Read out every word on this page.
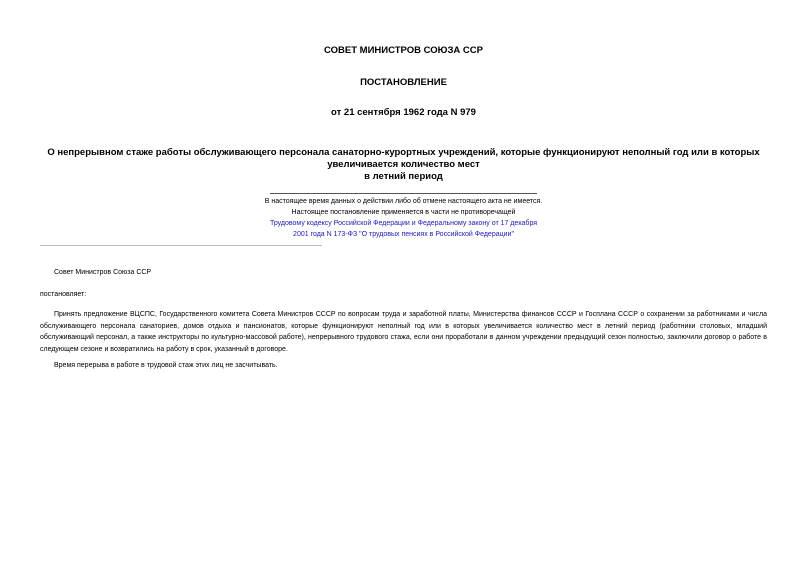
СОВЕТ МИНИСТРОВ СОЮЗА ССР
ПОСТАНОВЛЕНИЕ
от 21 сентября 1962 года N 979
О непрерывном стаже работы обслуживающего персонала санаторно-курортных учреждений, которые функционируют неполный год или в которых
увеличивается количество мест
в летний период
В настоящее время данных о действии либо об отмене настоящего акта не имеется.
Настоящее постановление применяется в части не противоречащей
Трудовому кодексу Российской Федерации и Федеральному закону от 17 декабря
2001 года N 173-ФЗ "О трудовых пенсиях в Российской Федерации"
Совет Министров Союза ССР
постановляет:
Принять предложение ВЦСПС, Государственного комитета Совета Министров СССР по вопросам труда и заработной платы, Министерства финансов СССР и Госплана СССР о сохранении за работниками и числа обслуживающего персонала санаториев, домов отдыха и пансионатов, которые функционируют неполный год или в которых увеличивается количество мест в летний период (работники столовых, младший обслуживающий персонал, а также инструкторы по культурно-массовой работе), непрерывного трудового стажа, если они проработали в данном учреждении предыдущий сезон полностью, заключили договор о работе в следующем сезоне и возвратились на работу в срок, указанный в договоре.
Время перерыва в работе в трудовой стаж этих лиц не засчитывать.
